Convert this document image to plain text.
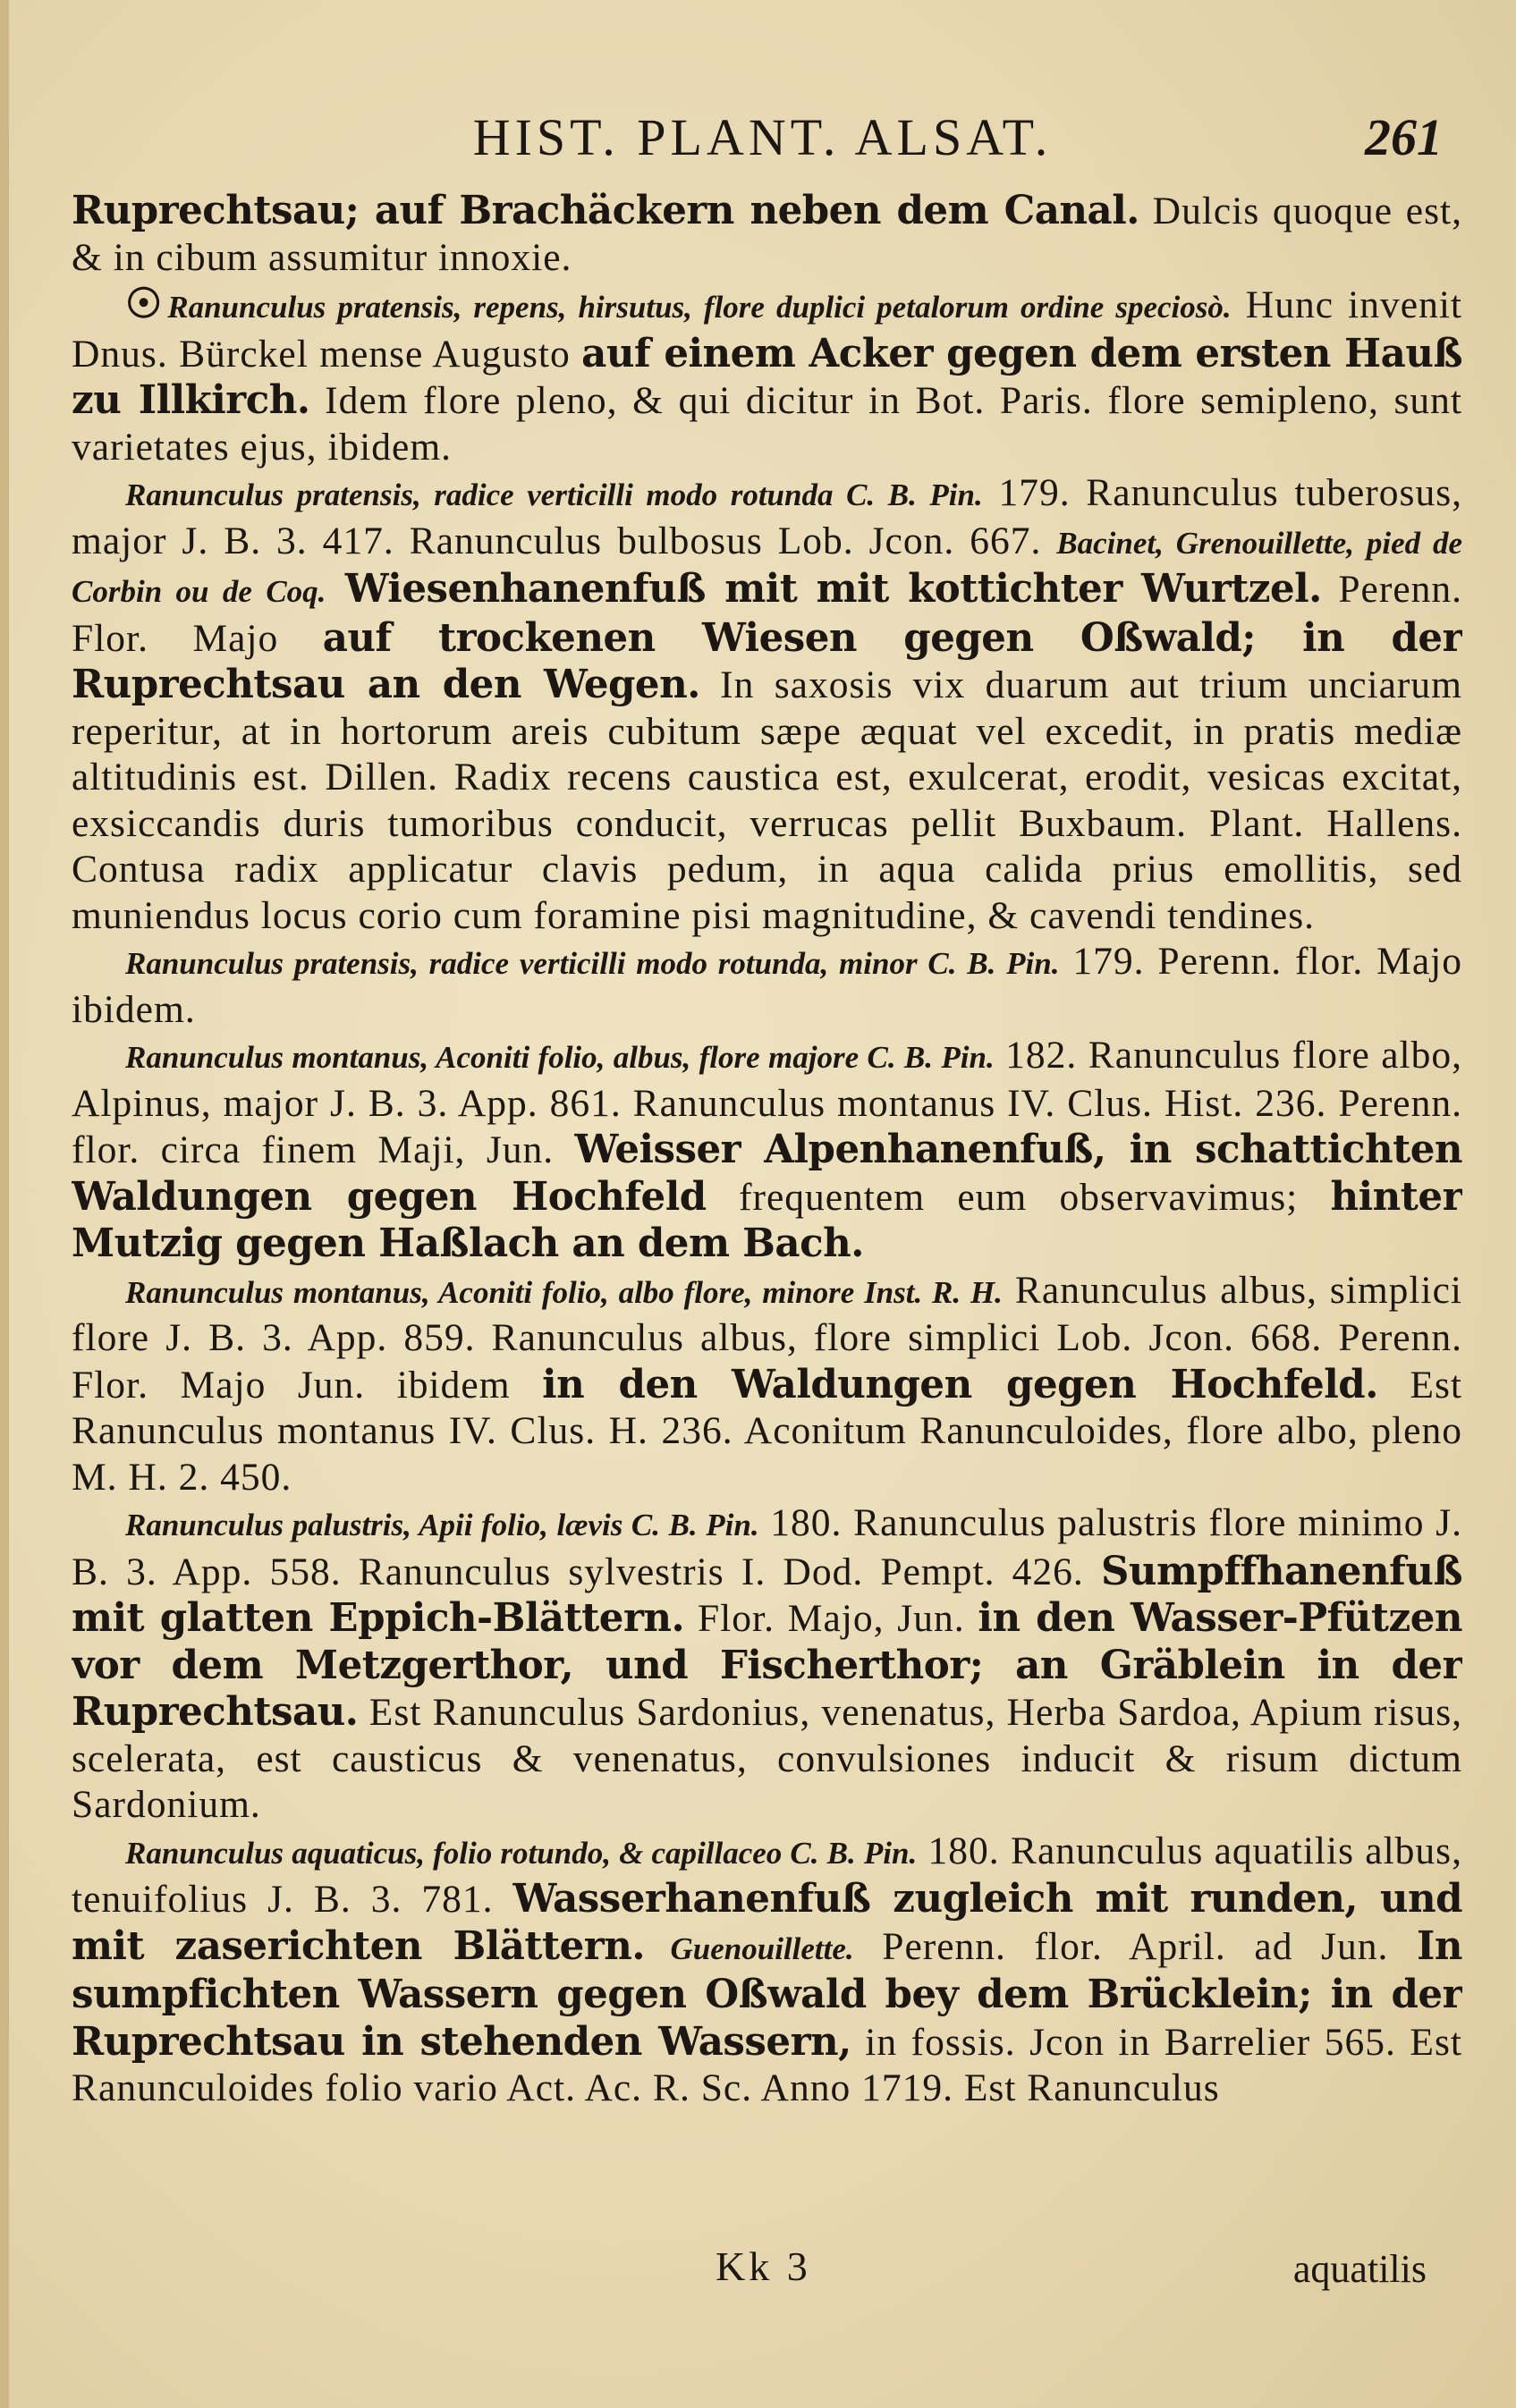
HIST. PLANT. ALSAT.	261

Ruprechtsau; auf Brachäckern neben dem Canal. Dulcis quoque est, & in cibum assumitur innoxie.

☉ Ranunculus pratensis, repens, hirsutus, flore duplici petalorum ordine speciosò. Hunc invenit Dnus. Bürckel mense Augusto auf einem Acker gegen dem ersten Hauß zu Illkirch. Idem flore pleno, & qui dicitur in Bot. Paris. flore semipleno, sunt varietates ejus, ibidem.

Ranunculus pratensis, radice verticilli modo rotunda C. B. Pin. 179. Ranunculus tuberosus, major J. B. 3. 417. Ranunculus bulbosus Lob. Jcon. 667. Bacinet, Grenouillette, pied de Corbin ou de Coq. Wiesenhanenfuß mit mit kottichter Wurtzel. Perenn. Flor. Majo auf trockenen Wiesen gegen Oßwald; in der Ruprechtsau an den Wegen. In saxosis vix duarum aut trium unciarum reperitur, at in hortorum areis cubitum sæpe æquat vel excedit, in pratis mediæ altitudinis est. Dillen. Radix recens caustica est, exulcerat, erodit, vesicas excitat, exsiccandis duris tumoribus conducit, verrucas pellit Buxbaum. Plant. Hallens. Contusa radix applicatur clavis pedum, in aqua calida prius emollitis, sed muniendus locus corio cum foramine pisi magnitudine, & cavendi tendines.

Ranunculus pratensis, radice verticilli modo rotunda, minor C. B. Pin. 179. Perenn. flor. Majo ibidem.

Ranunculus montanus, Aconiti folio, albus, flore majore C. B. Pin. 182. Ranunculus flore albo, Alpinus, major J. B. 3. App. 861. Ranunculus montanus IV. Clus. Hist. 236. Perenn. flor. circa finem Maji, Jun. Weisser Alpenhanenfuß, in schattichten Waldungen gegen Hochfeld frequentem eum observavimus; hinter Mutzig gegen Haßlach an dem Bach.

Ranunculus montanus, Aconiti folio, albo flore, minore Inst. R. H. Ranunculus albus, simplici flore J. B. 3. App. 859. Ranunculus albus, flore simplici Lob. Jcon. 668. Perenn. Flor. Majo Jun. ibidem in den Waldungen gegen Hochfeld. Est Ranunculus montanus IV. Clus. H. 236. Aconitum Ranunculoides, flore albo, pleno M. H. 2. 450.

Ranunculus palustris, Apii folio, lævis C. B. Pin. 180. Ranunculus palustris flore minimo J. B. 3. App. 558. Ranunculus sylvestris I. Dod. Pempt. 426. Sumpffhanenfuß mit glatten Eppich-Blättern. Flor. Majo, Jun. in den Wasser-Pfützen vor dem Metzgerthor, und Fischerthor; an Gräblein in der Ruprechtsau. Est Ranunculus Sardonius, venenatus, Herba Sardoa, Apium risus, scelerata, est causticus & venenatus, convulsiones inducit & risum dictum Sardonium.

Ranunculus aquaticus, folio rotundo, & capillaceo C. B. Pin. 180. Ranunculus aquatilis albus, tenuifolius J. B. 3. 781. Wasserhanenfuß zugleich mit runden, und mit zaserichten Blättern. Guenouillette. Perenn. flor. April. ad Jun. In sumpfichten Wassern gegen Oßwald bey dem Brücklein; in der Ruprechtsau in stehenden Wassern, in fossis. Jcon in Barrelier 565. Est Ranunculoides folio vario Act. Ac. R. Sc. Anno 1719. Est Ranunculus

Kk 3	aquatilis
